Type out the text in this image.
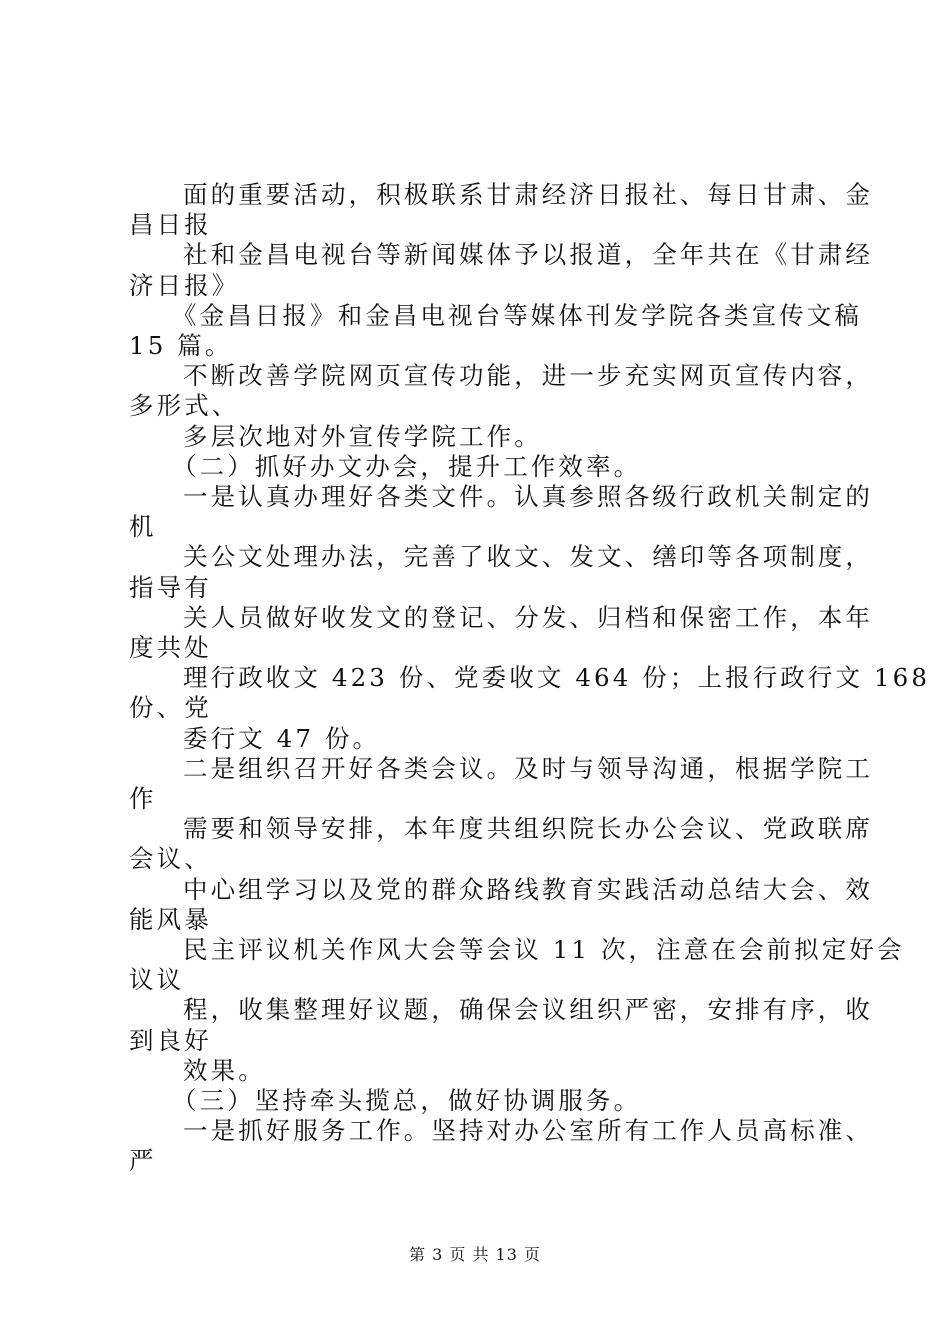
面的重要活动，积极联系甘肃经济日报社、每日甘肃、金
昌日报
社和金昌电视台等新闻媒体予以报道，全年共在《甘肃经
济日报》
《金昌日报》和金昌电视台等媒体刊发学院各类宣传文稿
15 篇。
不断改善学院网页宣传功能，进一步充实网页宣传内容，
多形式、
多层次地对外宣传学院工作。
（二）抓好办文办会，提升工作效率。
一是认真办理好各类文件。认真参照各级行政机关制定的
机
关公文处理办法，完善了收文、发文、缮印等各项制度，
指导有
关人员做好收发文的登记、分发、归档和保密工作，本年
度共处
理行政收文 423 份、党委收文 464 份；上报行政行文 168
份、党
委行文 47 份。
二是组织召开好各类会议。及时与领导沟通，根据学院工
作
需要和领导安排，本年度共组织院长办公会议、党政联席
会议、
中心组学习以及党的群众路线教育实践活动总结大会、效
能风暴
民主评议机关作风大会等会议 11 次，注意在会前拟定好会
议议
程，收集整理好议题，确保会议组织严密，安排有序，收
到良好
效果。
（三）坚持牵头揽总，做好协调服务。
一是抓好服务工作。坚持对办公室所有工作人员高标准、
严
第 3 页 共 13 页
